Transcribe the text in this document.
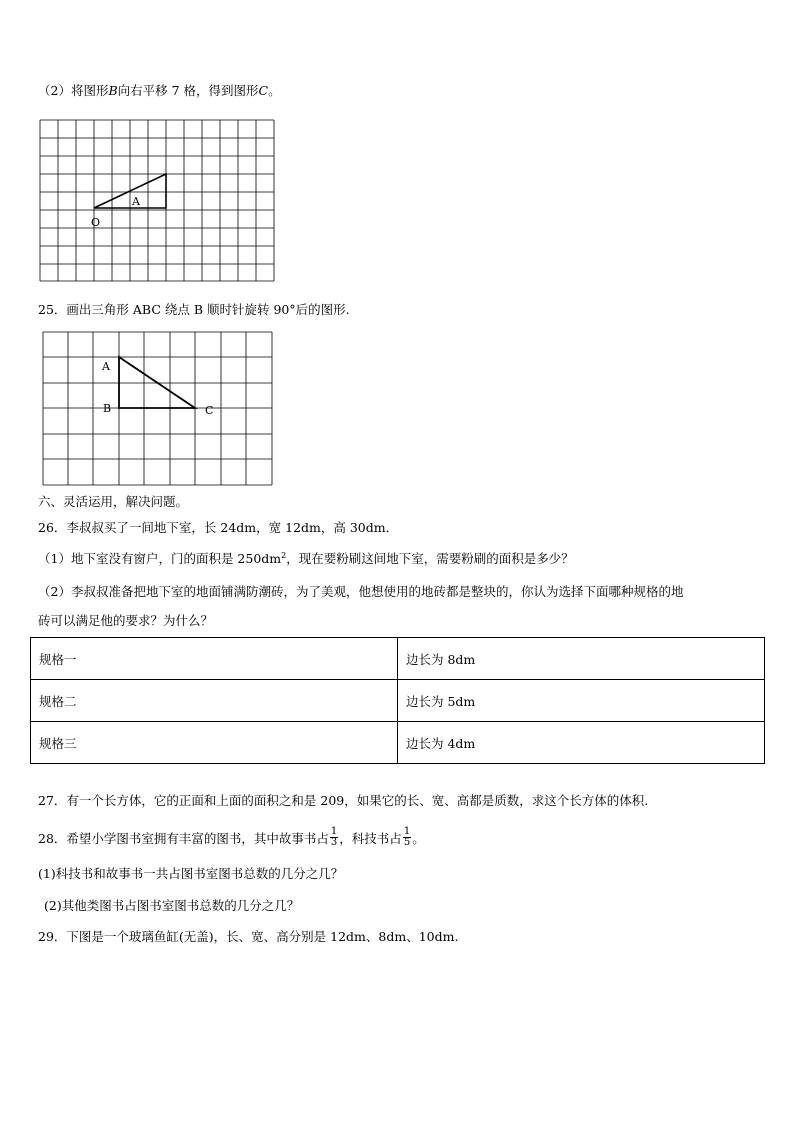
（2）将图形B向右平移 7 格，得到图形C。
A
O
25．画出三角形 ABC 绕点 B 顺时针旋转 90°后的图形.
A
B	C
六、灵活运用，解决问题。
26．李叔叔买了一间地下室，长 24dm，宽 12dm，高 30dm．
（1）地下室没有窗户，门的面积是 $250dm^2$，现在要粉刷这间地下室，需要粉刷的面积是多少？
（2）李叔叔准备把地下室的地面铺满防潮砖，为了美观，他想使用的地砖都是整块的，你认为选择下面哪种规格的地
砖可以满足他的要求？为什么？
规格一	边长为 8dm
规格二	边长为 5dm
规格三	边长为 4dm
27．有一个长方体，它的正面和上面的面积之和是 209，如果它的长、宽、高都是质数，求这个长方体的体积.
28．希望小学图书室拥有丰富的图书，其中故事书占 $\frac{1}{3}$ ，科技书占 $\frac{1}{5}$ 。
(1)科技书和故事书一共占图书室图书总数的几分之几？
(2)其他类图书占图书室图书总数的几分之几？
29．下图是一个玻璃鱼缸(无盖)，长、宽、高分别是 12dm、8dm、10dm.
